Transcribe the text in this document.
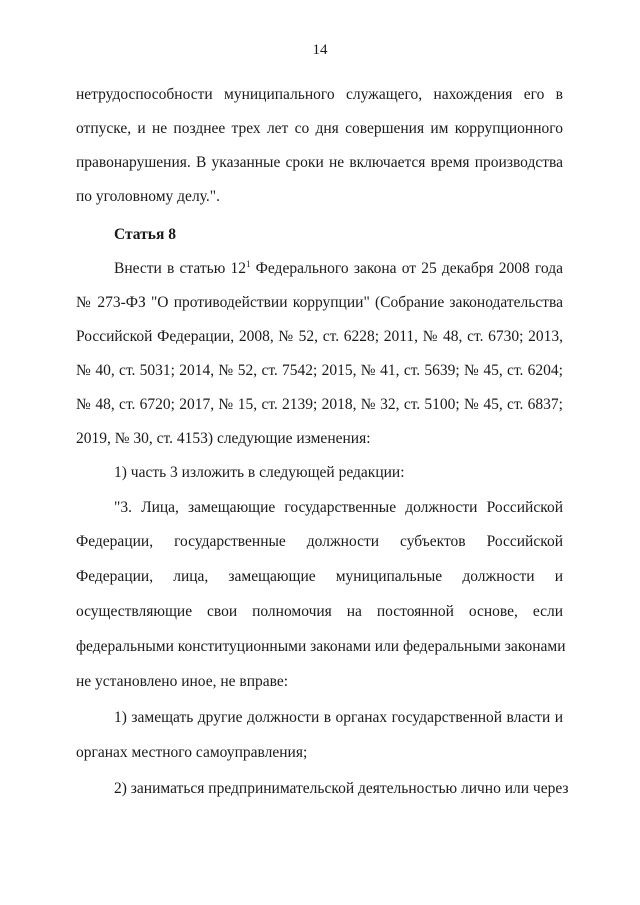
14
нетрудоспособности муниципального служащего, нахождения его в
отпуске, и не позднее трех лет со дня совершения им коррупционного
правонарушения. В указанные сроки не включается время производства
по уголовному делу.".
Статья 8
Внести в статью $12^1$ Федерального закона от 25 декабря 2008 года
№ 273-ФЗ "О противодействии коррупции" (Собрание законодательства
Российской Федерации, 2008, № 52, ст. 6228; 2011, № 48, ст. 6730; 2013,
№ 40, ст. 5031; 2014, № 52, ст. 7542; 2015, № 41, ст. 5639; № 45, ст. 6204;
№ 48, ст. 6720; 2017, № 15, ст. 2139; 2018, № 32, ст. 5100; № 45, ст. 6837;
2019, № 30, ст. 4153) следующие изменения:
1) часть 3 изложить в следующей редакции:
"3. Лица, замещающие государственные должности Российской
Федерации, государственные должности субъектов Российской
Федерации, лица, замещающие муниципальные должности и
осуществляющие свои полномочия на постоянной основе, если
федеральными конституционными законами или федеральными законами
не установлено иное, не вправе:
1) замещать другие должности в органах государственной власти и
органах местного самоуправления;
2) заниматься предпринимательской деятельностью лично или через
